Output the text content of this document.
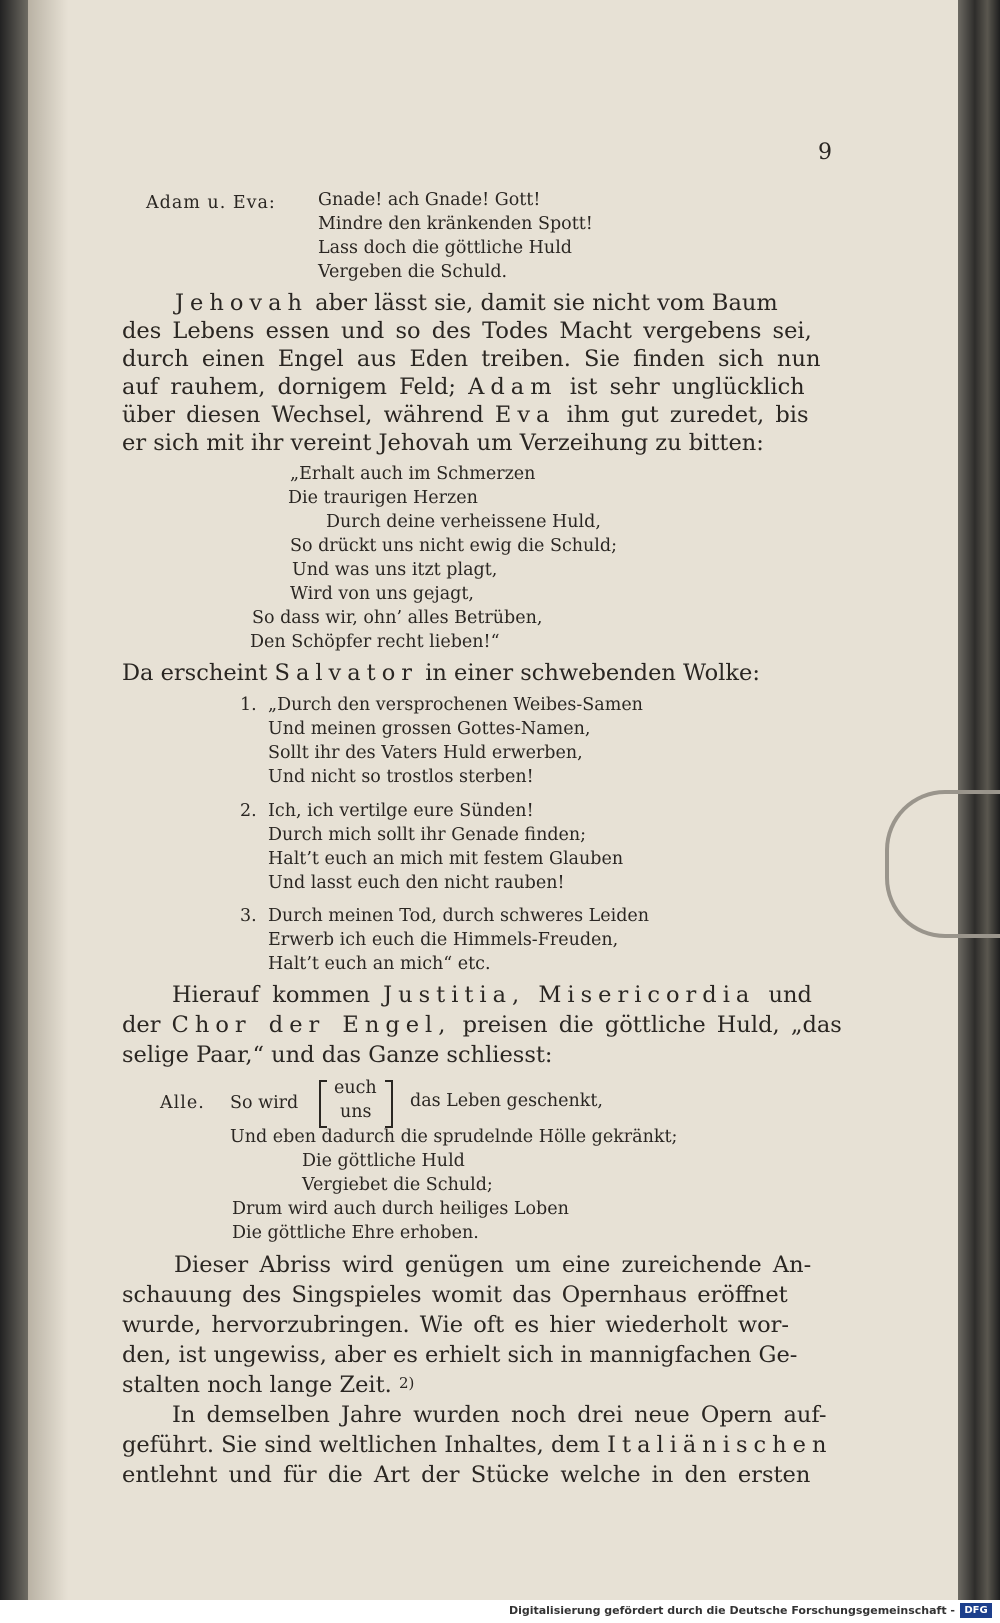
9
Adam u. Eva: Gnade! ach Gnade! Gott!
Mindre den kränkenden Spott!
Lass doch die göttliche Huld
Vergeben die Schuld.
Jehovah aber lässt sie, damit sie nicht vom Baum
des Lebens essen und so des Todes Macht vergebens sei,
durch einen Engel aus Eden treiben. Sie finden sich nun
auf rauhem, dornigem Feld; Adam ist sehr unglücklich
über diesen Wechsel, während Eva ihm gut zuredet, bis
er sich mit ihr vereint Jehovah um Verzeihung zu bitten:
„Erhalt auch im Schmerzen
Die traurigen Herzen
Durch deine verheissene Huld,
So drückt uns nicht ewig die Schuld;
Und was uns itzt plagt,
Wird von uns gejagt,
So dass wir, ohn’ alles Betrüben,
Den Schöpfer recht lieben!“
Da erscheint Salvator in einer schwebenden Wolke:
1. „Durch den versprochenen Weibes-Samen
Und meinen grossen Gottes-Namen,
Sollt ihr des Vaters Huld erwerben,
Und nicht so trostlos sterben!
2. Ich, ich vertilge eure Sünden!
Durch mich sollt ihr Genade finden;
Halt’t euch an mich mit festem Glauben
Und lasst euch den nicht rauben!
3. Durch meinen Tod, durch schweres Leiden
Erwerb ich euch die Himmels-Freuden,
Halt’t euch an mich“ etc.
Hierauf kommen Justitia, Misericordia und
der Chor der Engel, preisen die göttliche Huld, „das
selige Paar,“ und das Ganze schliesst:
Alle. So wird
euch
uns
das Leben geschenkt,
Und eben dadurch die sprudelnde Hölle gekränkt;
Die göttliche Huld
Vergiebet die Schuld;
Drum wird auch durch heiliges Loben
Die göttliche Ehre erhoben.
Dieser Abriss wird genügen um eine zureichende An-
schauung des Singspieles womit das Opernhaus eröffnet
wurde, hervorzubringen. Wie oft es hier wiederholt wor-
den, ist ungewiss, aber es erhielt sich in mannigfachen Ge-
stalten noch lange Zeit. 2)
In demselben Jahre wurden noch drei neue Opern auf-
geführt. Sie sind weltlichen Inhaltes, dem Italiänischen
entlehnt und für die Art der Stücke welche in den ersten
Digitalisierung gefördert durch die Deutsche Forschungsgemeinschaft - DFG
